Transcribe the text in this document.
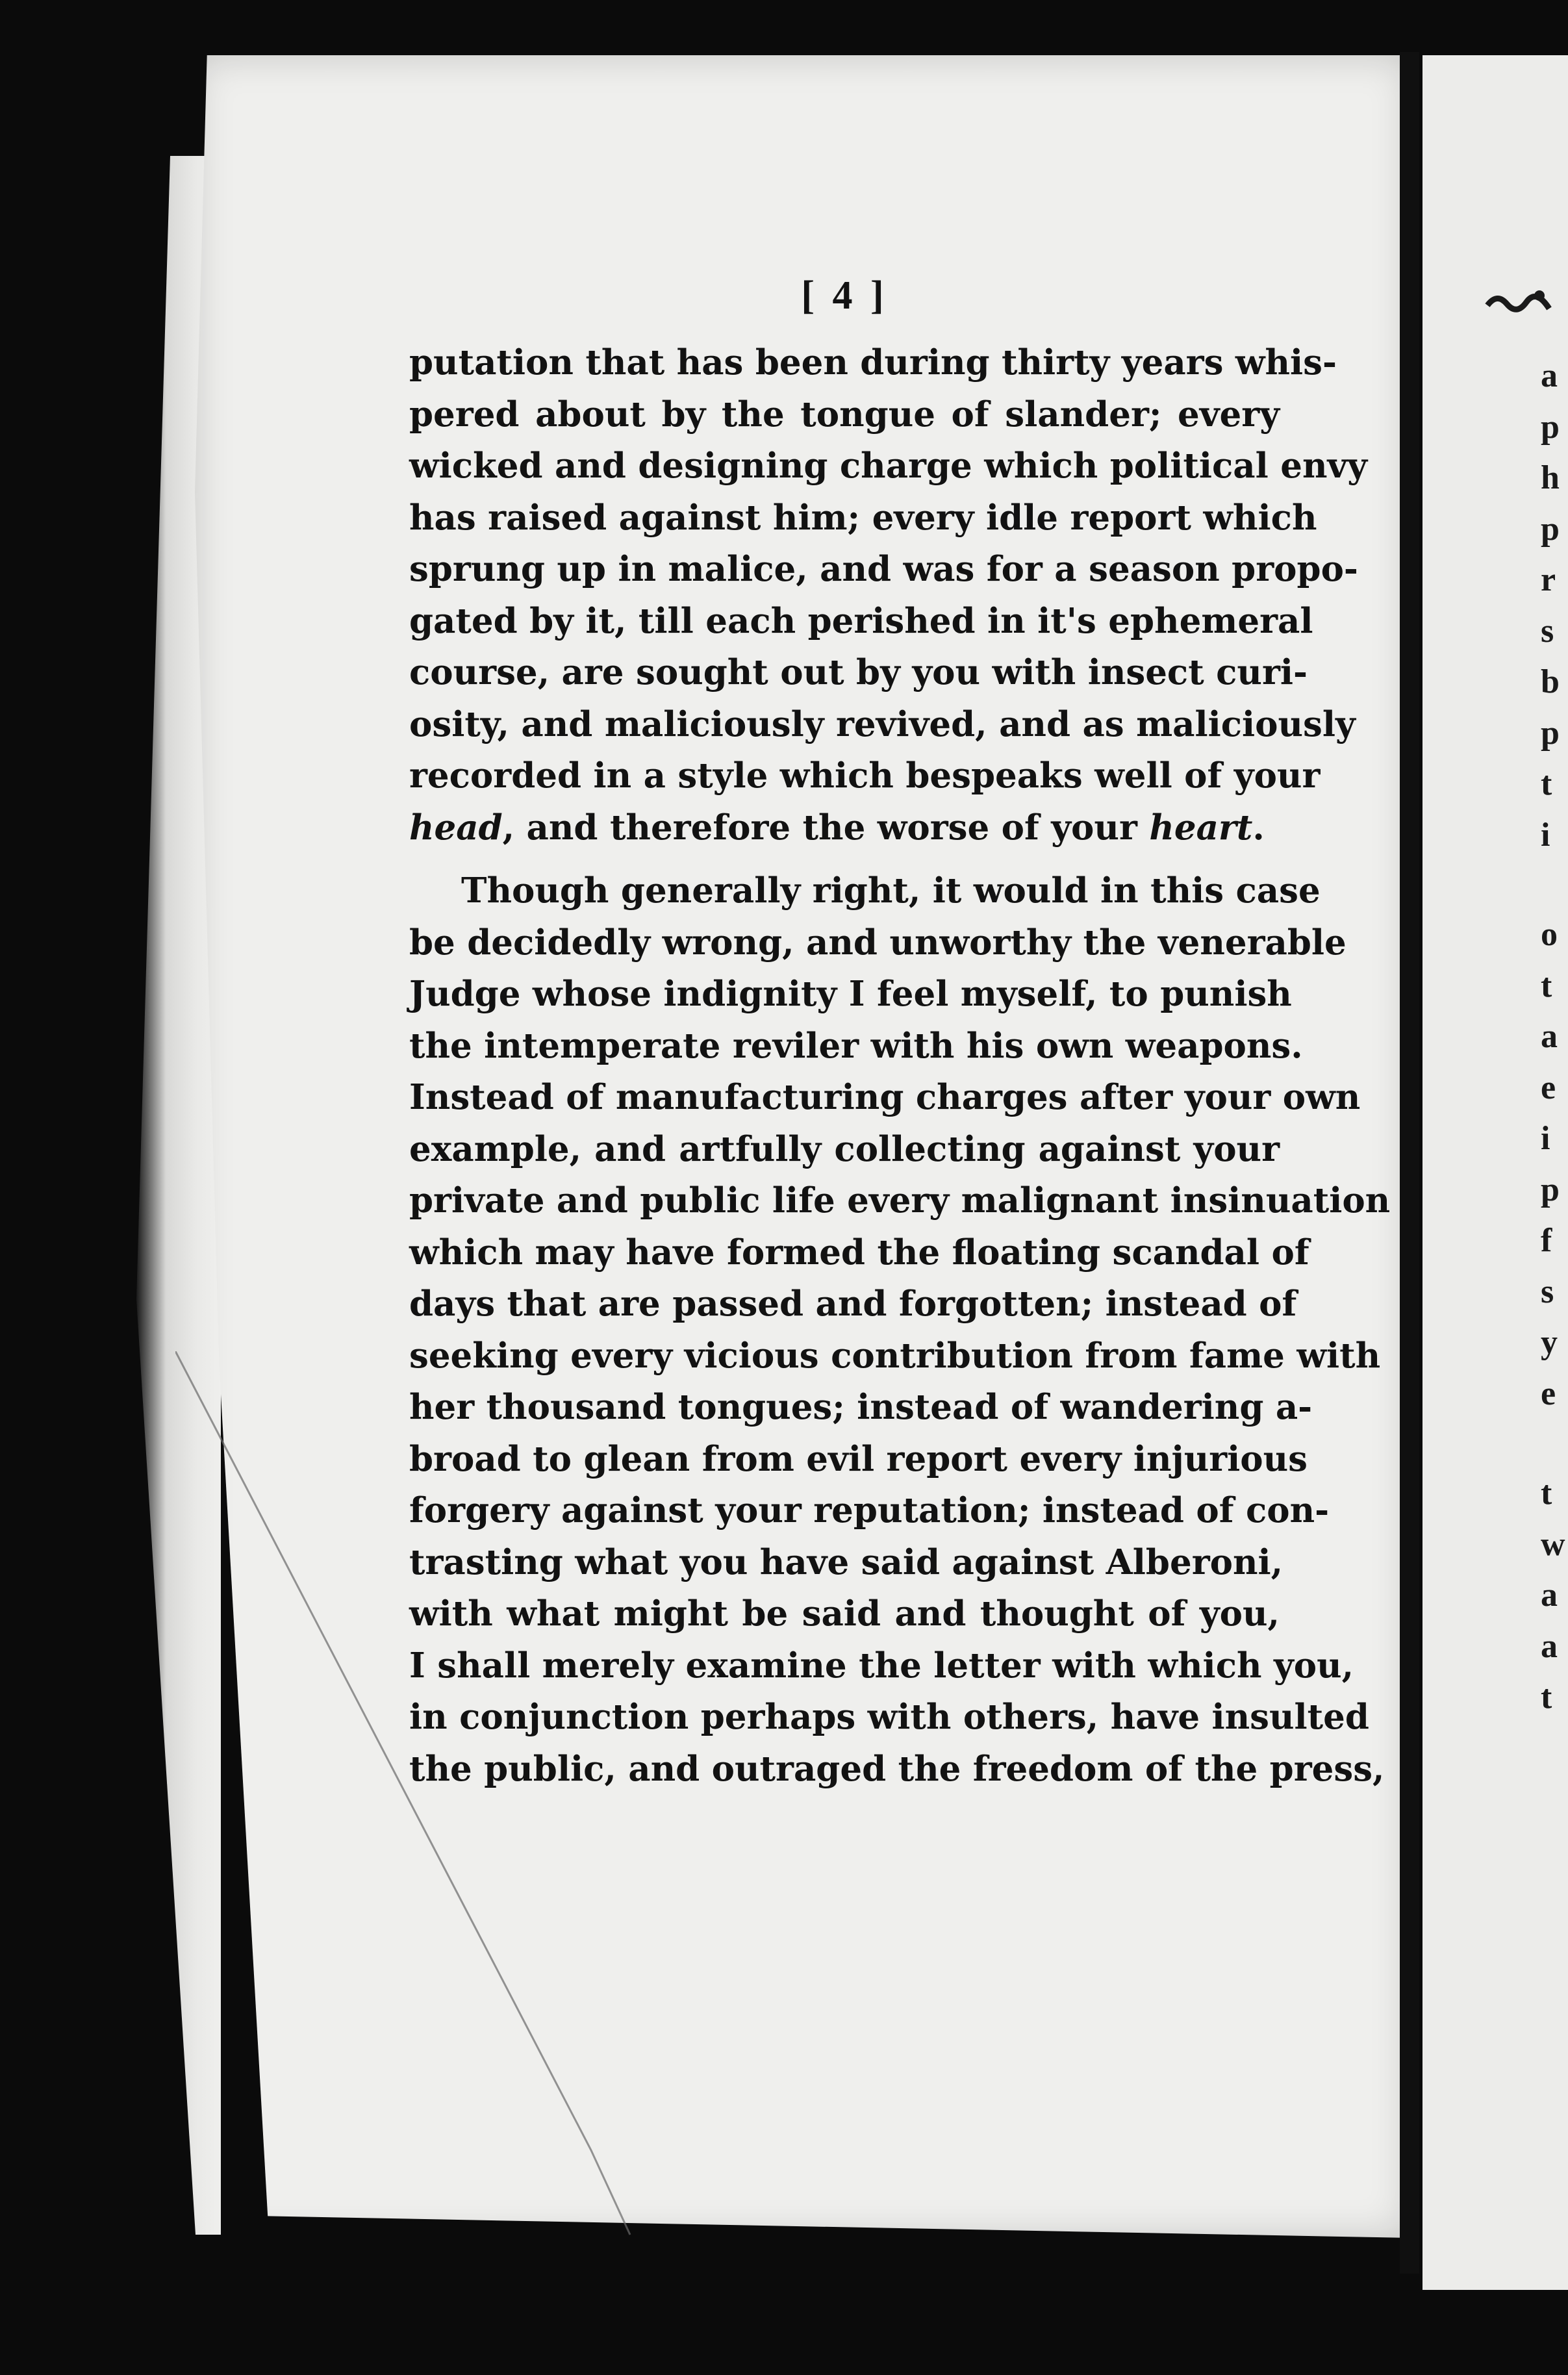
a
p
h
p
r
s
b
p
t
i
o
t
a
e
i
p
f
s
y
e
t
w
a
a
t
[ 4 ]
putation that has been during thirty years whis-
pered about by the tongue of slander; every
wicked and designing charge which political envy
has raised against him; every idle report which
sprung up in malice, and was for a season propo-
gated by it, till each perished in it's ephemeral
course, are sought out by you with insect curi-
osity, and maliciously revived, and as maliciously
recorded in a style which bespeaks well of your
head, and therefore the worse of your heart.
Though generally right, it would in this case
be decidedly wrong, and unworthy the venerable
Judge whose indignity I feel myself, to punish
the intemperate reviler with his own weapons.
Instead of manufacturing charges after your own
example, and artfully collecting against your
private and public life every malignant insinuation
which may have formed the floating scandal of
days that are passed and forgotten; instead of
seeking every vicious contribution from fame with
her thousand tongues; instead of wandering a-
broad to glean from evil report every injurious
forgery against your reputation; instead of con-
trasting what you have said against Alberoni,
with what might be said and thought of you,
I shall merely examine the letter with which you,
in conjunction perhaps with others, have insulted
the public, and outraged the freedom of the press,
